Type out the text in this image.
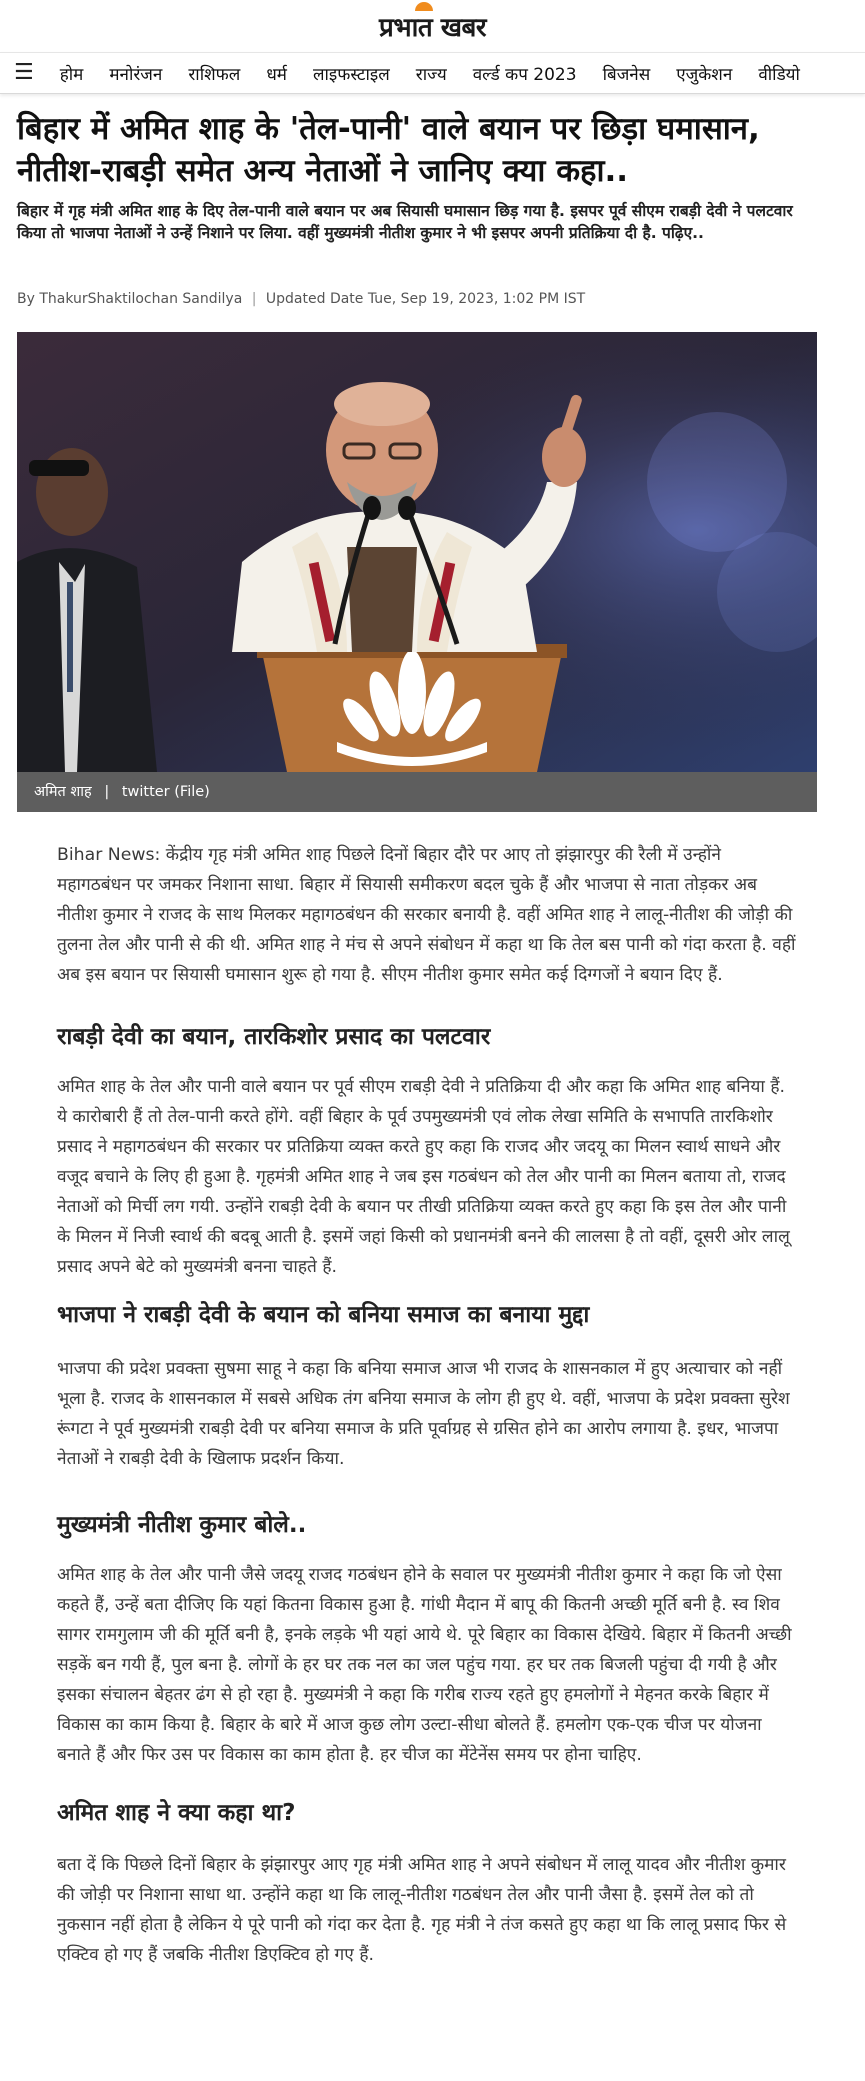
प्रभात खबर
☰ होम मनोरंजन राशिफल धर्म लाइफस्टाइल राज्य वर्ल्ड कप 2023 बिजनेस एजुकेशन वीडियो
बिहार में अमित शाह के 'तेल-पानी' वाले बयान पर छिड़ा घमासान, नीतीश-राबड़ी समेत अन्य नेताओं ने जानिए क्या कहा..

बिहार में गृह मंत्री अमित शाह के दिए तेल-पानी वाले बयान पर अब सियासी घमासान छिड़ गया है. इसपर पूर्व सीएम राबड़ी देवी ने पलटवार किया तो भाजपा नेताओं ने उन्हें निशाने पर लिया. वहीं मुख्यमंत्री नीतीश कुमार ने भी इसपर अपनी प्रतिक्रिया दी है. पढ़िए..

By ThakurShaktilochan Sandilya | Updated Date Tue, Sep 19, 2023, 1:02 PM IST
अमित शाह | twitter (File)

Bihar News: केंद्रीय गृह मंत्री अमित शाह पिछले दिनों बिहार दौरे पर आए तो झंझारपुर की रैली में उन्होंने महागठबंधन पर जमकर निशाना साधा. बिहार में सियासी समीकरण बदल चुके हैं और भाजपा से नाता तोड़कर अब नीतीश कुमार ने राजद के साथ मिलकर महागठबंधन की सरकार बनायी है. वहीं अमित शाह ने लालू-नीतीश की जोड़ी की तुलना तेल और पानी से की थी. अमित शाह ने मंच से अपने संबोधन में कहा था कि तेल बस पानी को गंदा करता है. वहीं अब इस बयान पर सियासी घमासान शुरू हो गया है. सीएम नीतीश कुमार समेत कई दिग्गजों ने बयान दिए हैं.

राबड़ी देवी का बयान, तारकिशोर प्रसाद का पलटवार

अमित शाह के तेल और पानी वाले बयान पर पूर्व सीएम राबड़ी देवी ने प्रतिक्रिया दी और कहा कि अमित शाह बनिया हैं. ये कारोबारी हैं तो तेल-पानी करते होंगे. वहीं बिहार के पूर्व उपमुख्यमंत्री एवं लोक लेखा समिति के सभापति तारकिशोर प्रसाद ने महागठबंधन की सरकार पर प्रतिक्रिया व्यक्त करते हुए कहा कि राजद और जदयू का मिलन स्वार्थ साधने और वजूद बचाने के लिए ही हुआ है. गृहमंत्री अमित शाह ने जब इस गठबंधन को तेल और पानी का मिलन बताया तो, राजद नेताओं को मिर्ची लग गयी. उन्होंने राबड़ी देवी के बयान पर तीखी प्रतिक्रिया व्यक्त करते हुए कहा कि इस तेल और पानी के मिलन में निजी स्वार्थ की बदबू आती है. इसमें जहां किसी को प्रधानमंत्री बनने की लालसा है तो वहीं, दूसरी ओर लालू प्रसाद अपने बेटे को मुख्यमंत्री बनना चाहते हैं.

भाजपा ने राबड़ी देवी के बयान को बनिया समाज का बनाया मुद्दा

भाजपा की प्रदेश प्रवक्ता सुषमा साहू ने कहा कि बनिया समाज आज भी राजद के शासनकाल में हुए अत्याचार को नहीं भूला है. राजद के शासनकाल में सबसे अधिक तंग बनिया समाज के लोग ही हुए थे. वहीं, भाजपा के प्रदेश प्रवक्ता सुरेश रूंगटा ने पूर्व मुख्यमंत्री राबड़ी देवी पर बनिया समाज के प्रति पूर्वाग्रह से ग्रसित होने का आरोप लगाया है. इधर, भाजपा नेताओं ने राबड़ी देवी के खिलाफ प्रदर्शन किया.

मुख्यमंत्री नीतीश कुमार बोले..

अमित शाह के तेल और पानी जैसे जदयू राजद गठबंधन होने के सवाल पर मुख्यमंत्री नीतीश कुमार ने कहा कि जो ऐसा कहते हैं, उन्हें बता दीजिए कि यहां कितना विकास हुआ है. गांधी मैदान में बापू की कितनी अच्छी मूर्ति बनी है. स्व शिव सागर रामगुलाम जी की मूर्ति बनी है, इनके लड़के भी यहां आये थे. पूरे बिहार का विकास देखिये. बिहार में कितनी अच्छी सड़कें बन गयी हैं, पुल बना है. लोगों के हर घर तक नल का जल पहुंच गया. हर घर तक बिजली पहुंचा दी गयी है और इसका संचालन बेहतर ढंग से हो रहा है. मुख्यमंत्री ने कहा कि गरीब राज्य रहते हुए हमलोगों ने मेहनत करके बिहार में विकास का काम किया है. बिहार के बारे में आज कुछ लोग उल्टा-सीधा बोलते हैं. हमलोग एक-एक चीज पर योजना बनाते हैं और फिर उस पर विकास का काम होता है. हर चीज का मेंटेनेंस समय पर होना चाहिए.

अमित शाह ने क्या कहा था?

बता दें कि पिछले दिनों बिहार के झंझारपुर आए गृह मंत्री अमित शाह ने अपने संबोधन में लालू यादव और नीतीश कुमार की जोड़ी पर निशाना साधा था. उन्होंने कहा था कि लालू-नीतीश गठबंधन तेल और पानी जैसा है. इसमें तेल को तो नुकसान नहीं होता है लेकिन ये पूरे पानी को गंदा कर देता है. गृह मंत्री ने तंज कसते हुए कहा था कि लालू प्रसाद फिर से एक्टिव हो गए हैं जबकि नीतीश डिएक्टिव हो गए हैं.
